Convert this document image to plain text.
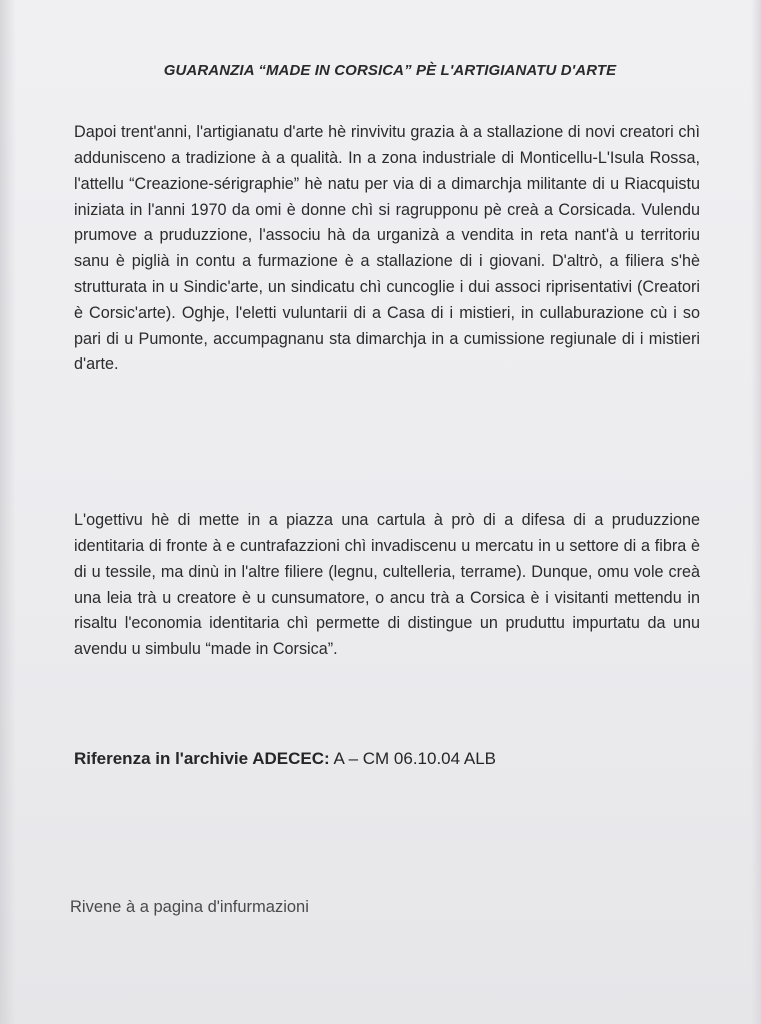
GUARANZIA “MADE IN CORSICA” PÈ L'ARTIGIANATU D'ARTE

Dapoi trent'anni, l'artigianatu d'arte hè rinvivitu grazia à a stallazione di novi creatori chì addunisceno a tradizione à a qualità. In a zona industriale di Monticellu-L'Isula Rossa, l'attellu “Creazione-sérigraphie” hè natu per via di a dimarchja militante di u Riacquistu iniziata in l'anni 1970 da omi è donne chì si ragrupponu pè creà a Corsicada. Vulendu prumove a pruduzzione, l'associu hà da urganizà a vendita in reta nant'à u territoriu sanu è piglià in contu a furmazione è a stallazione di i giovani. D'altrò, a filiera s'hè strutturata in u Sindic'arte, un sindicatu chì cuncoglie i dui associ riprisentativi (Creatori è Corsic'arte). Oghje, l'eletti vuluntarii di a Casa di i mistieri, in cullaburazione cù i so pari di u Pumonte, accumpagnanu sta dimarchja in a cumissione regiunale di i mistieri d'arte.

L'ogettivu hè di mette in a piazza una cartula à prò di a difesa di a pruduzzione identitaria di fronte à e cuntrafazzioni chì invadiscenu u mercatu in u settore di a fibra è di u tessile, ma dinù in l'altre filiere (legnu, cultelleria, terrame). Dunque, omu vole creà una leia trà u creatore è u cunsumatore, o ancu trà a Corsica è i visitanti mettendu in risaltu l'economia identitaria chì permette di distingue un pruduttu impurtatu da unu avendu u simbulu “made in Corsica”.

Riferenza in l'archivie ADECEC: A – CM 06.10.04 ALB
Rivene à a pagina d'infurmazioni
